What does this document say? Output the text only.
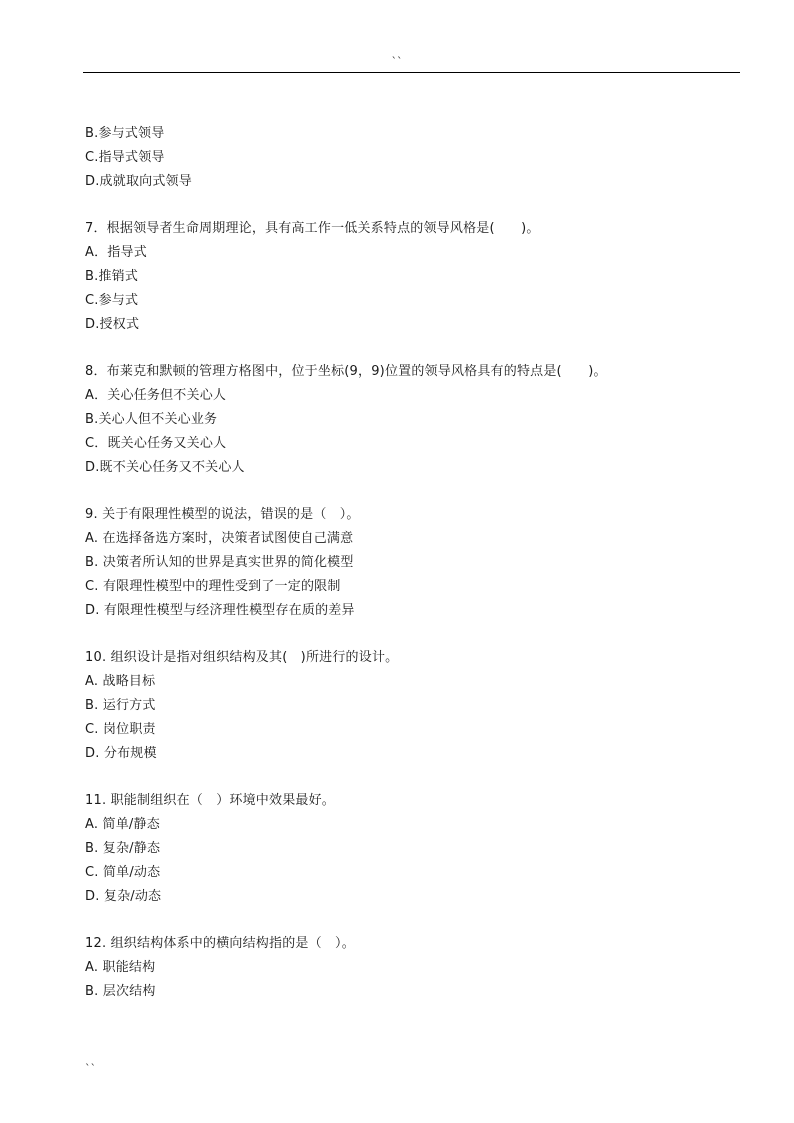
``
B.参与式领导
C.指导式领导
D.成就取向式领导
7．根据领导者生命周期理论，具有高工作一低关系特点的领导风格是(　　)。
A．指导式
B.推销式
C.参与式
D.授权式
8．布莱克和默顿的管理方格图中，位于坐标(9，9)位置的领导风格具有的特点是(　　)。
A．关心任务但不关心人
B.关心人但不关心业务
C．既关心任务又关心人
D.既不关心任务又不关心人
9. 关于有限理性模型的说法，错误的是（　）。
A. 在选择备选方案时，决策者试图使自己满意
B. 决策者所认知的世界是真实世界的简化模型
C. 有限理性模型中的理性受到了一定的限制
D. 有限理性模型与经济理性模型存在质的差异
10. 组织设计是指对组织结构及其(　)所进行的设计。
A. 战略目标
B. 运行方式
C. 岗位职责
D. 分布规模
11. 职能制组织在（　）环境中效果最好。
A. 简单/静态
B. 复杂/静态
C. 简单/动态
D. 复杂/动态
12. 组织结构体系中的横向结构指的是（　）。
A. 职能结构
B. 层次结构
``
